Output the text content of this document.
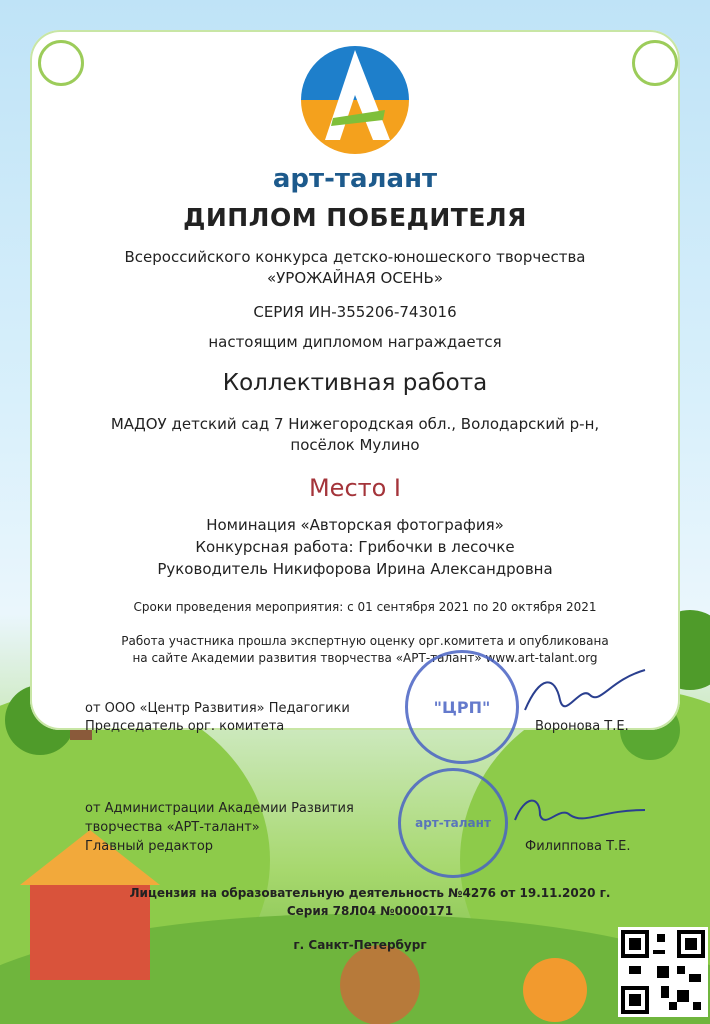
арт-талант
ДИПЛОМ ПОБЕДИТЕЛЯ
Всероссийского конкурса детско-юношеского творчества
«УРОЖАЙНАЯ ОСЕНЬ»
СЕРИЯ ИН-355206-743016
настоящим дипломом награждается
Коллективная работа
МАДОУ детский сад 7 Нижегородская обл., Володарский р-н,
посёлок Мулино
Место I
Номинация «Авторская фотография»
Конкурсная работа: Грибочки в лесочке
Руководитель Никифорова Ирина Александровна
Сроки проведения мероприятия: с 01 сентября 2021 по 20 октября 2021
Работа участника прошла экспертную оценку орг.комитета и опубликована
на сайте Академии развития творчества «АРТ-талант» www.art-talant.org
от ООО «Центр Развития» Педагогики
Председатель орг. комитета	Воронова Т.Е.
"ЦРП"
от Администрации Академии Развития
творчества «АРТ-талант»
Главный редактор	Филиппова Т.Е.
арт-талант
Лицензия на образовательную деятельность №4276 от 19.11.2020 г.
Серия 78Л04 №0000171
г. Санкт-Петербург
